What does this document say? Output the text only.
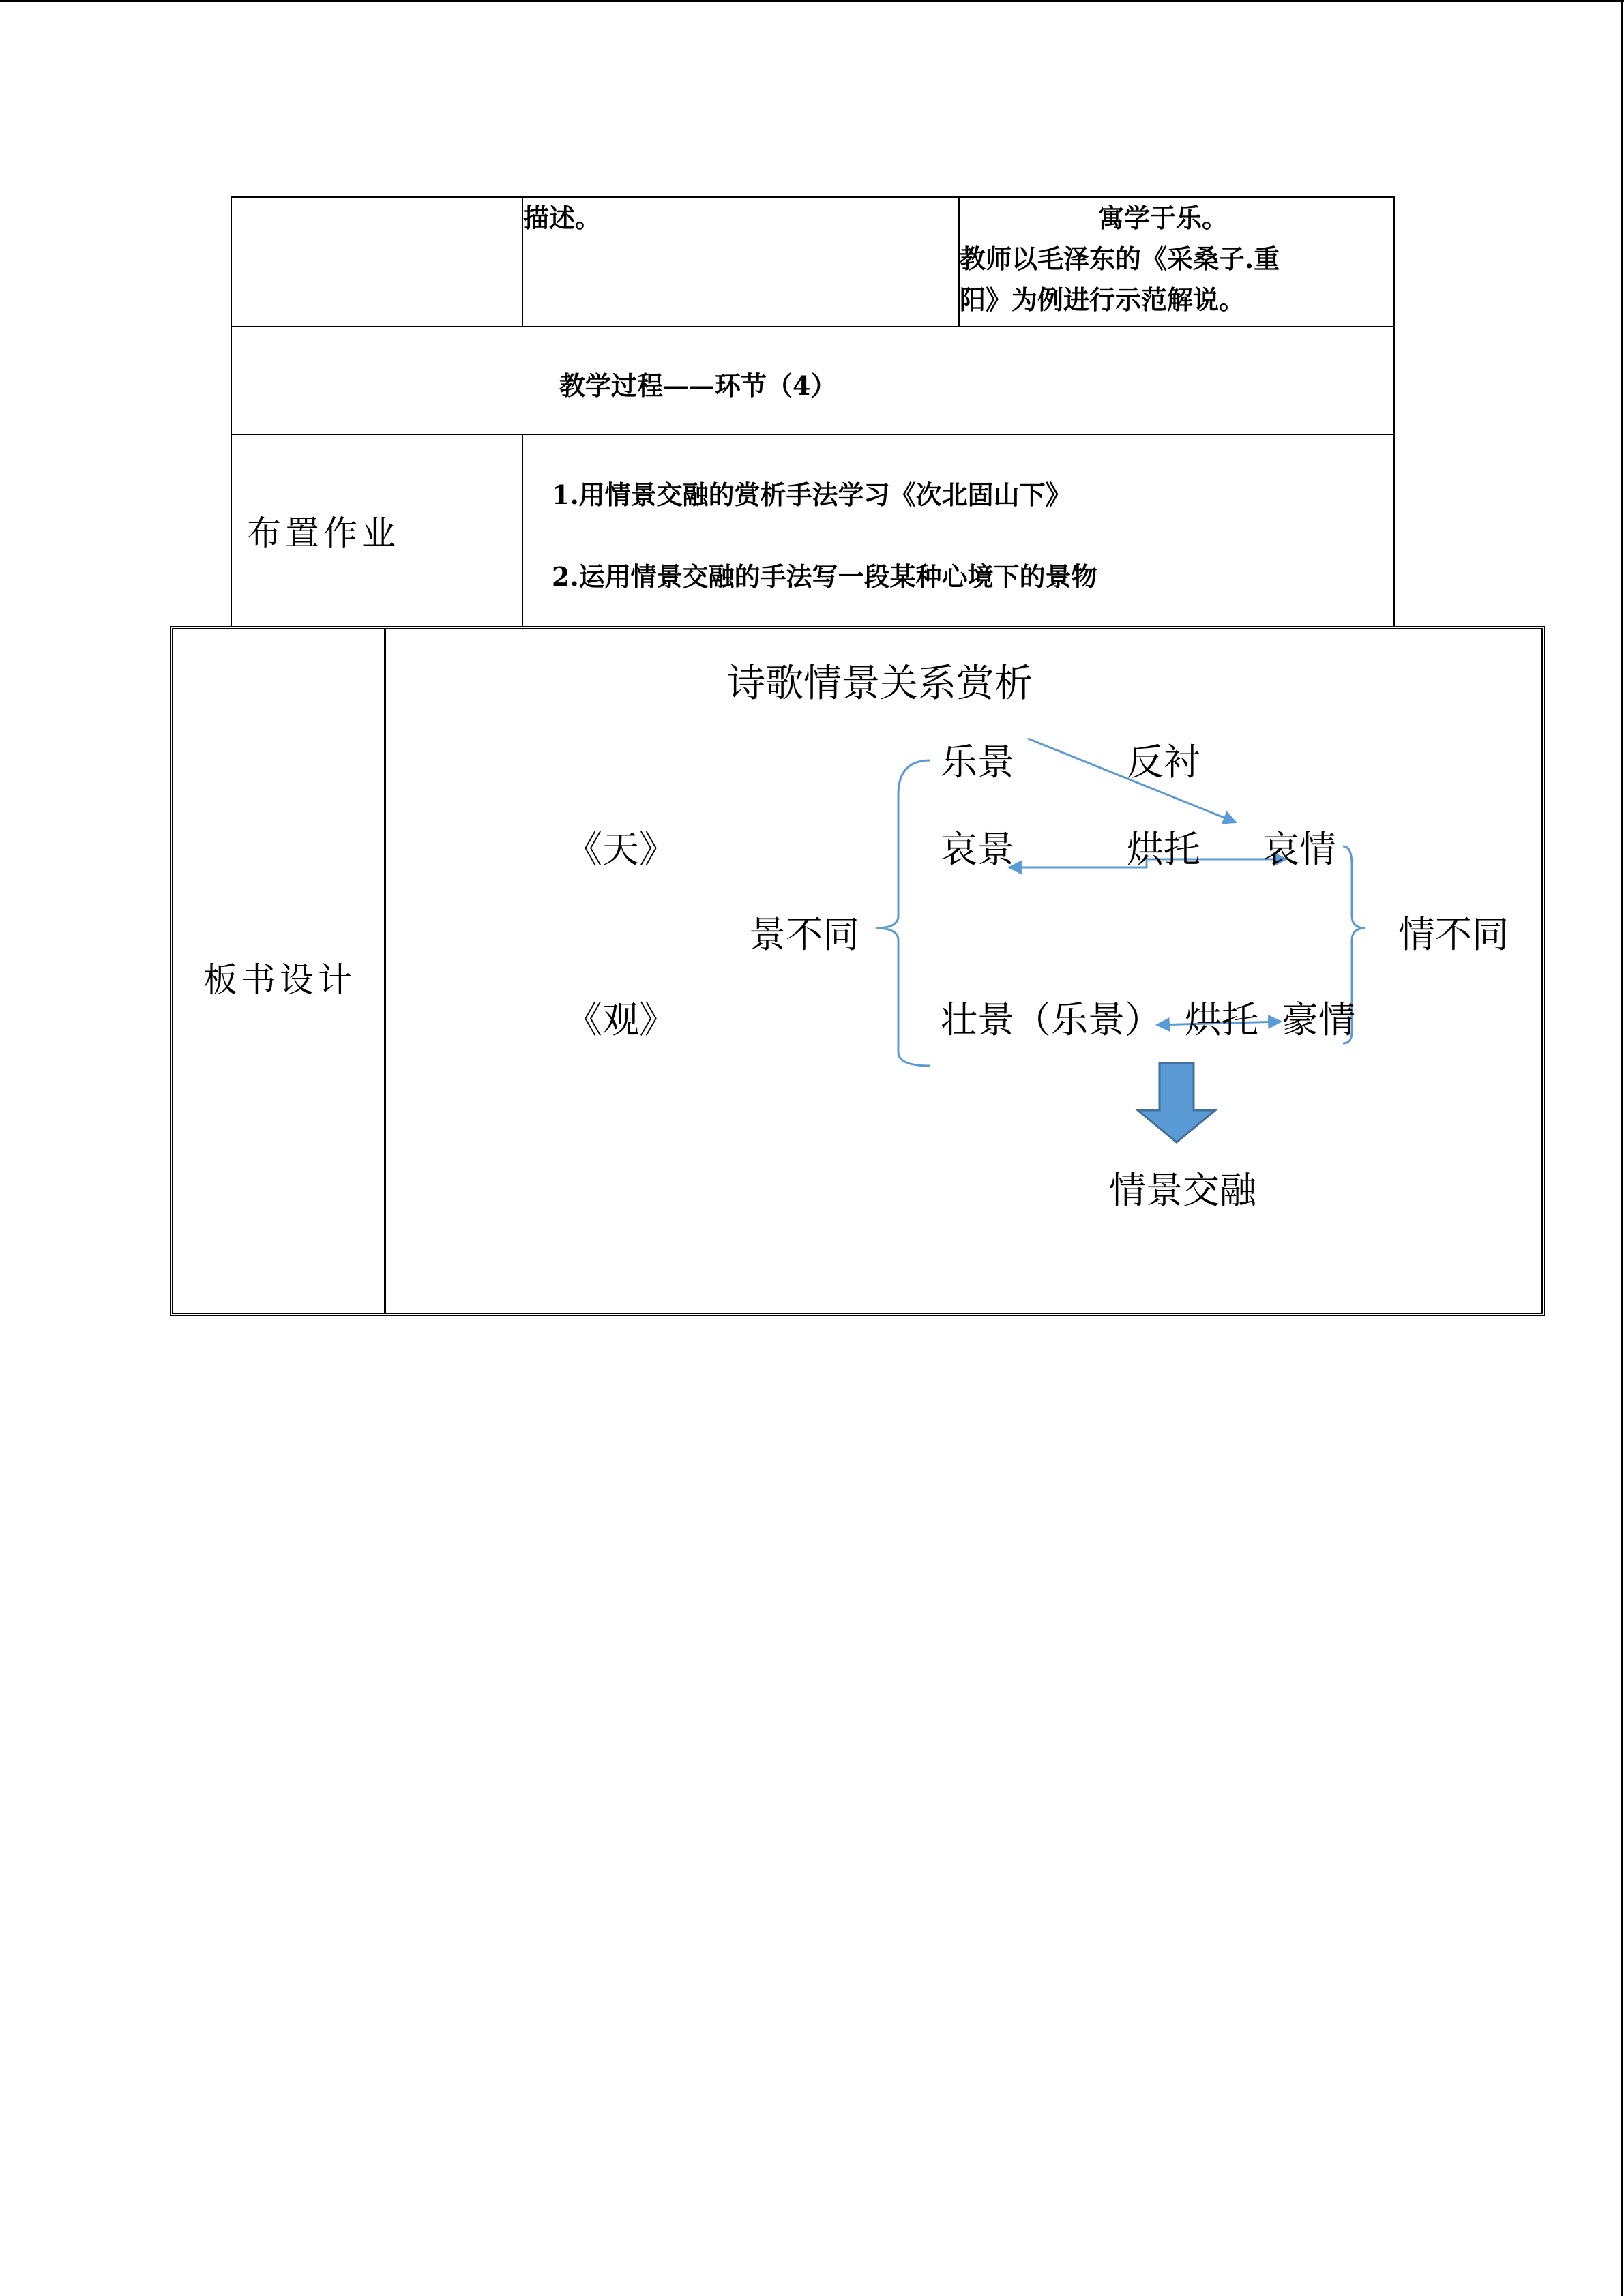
	描述。	寓学于乐。
教师以毛泽东的《采桑子.重
阳》为例进行示范解说。

教学过程——环节（4）		

布置作业	1.用情景交融的赏析手法学习《次北固山下》
2.运用情景交融的手法写一段某种心境下的景物	
板书设计
诗歌情景关系赏析
乐景	反衬
《天》	哀景	烘托 哀情
景不同	情不同
《观》	壮景（乐景） 烘托 豪情
情景交融
